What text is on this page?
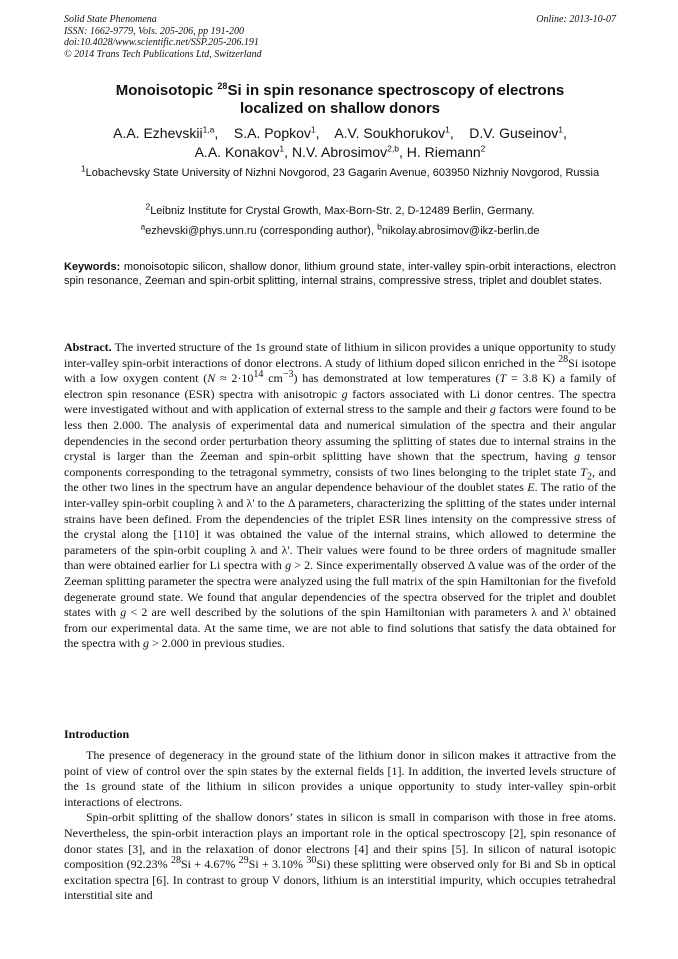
Solid State Phenomena
ISSN: 1662-9779, Vols. 205-206, pp 191-200
doi:10.4028/www.scientific.net/SSP.205-206.191
© 2014 Trans Tech Publications Ltd, Switzerland
Online: 2013-10-07
Monoisotopic $^{28}$Si in spin resonance spectroscopy of electrons
localized on shallow donors
A.A. Ezhevskii$^{1,a}$,    S.A. Popkov$^1$,    A.V. Soukhorukov$^1$,    D.V. Guseinov$^1$,
A.A. Konakov$^1$, N.V. Abrosimov$^{2,b}$, H. Riemann$^2$
$^1$Lobachevsky State University of Nizhni Novgorod, 23 Gagarin Avenue, 603950 Nizhniy Novgorod, Russia
$^2$Leibniz Institute for Crystal Growth, Max-Born-Str. 2, D-12489 Berlin, Germany.
$^a$ezhevski@phys.unn.ru (corresponding author), $^b$nikolay.abrosimov@ikz-berlin.de
Keywords: monoisotopic silicon, shallow donor, lithium ground state, inter-valley spin-orbit interactions, electron spin resonance, Zeeman and spin-orbit splitting, internal strains, compressive stress, triplet and doublet states.
Abstract. The inverted structure of the 1s ground state of lithium in silicon provides a unique opportunity to study inter-valley spin-orbit interactions of donor electrons. A study of lithium doped silicon enriched in the $^{28}$Si isotope with a low oxygen content ($N \approx 2\cdot 10^{14}$ $cm^{-3}$) has demonstrated at low temperatures (T = 3.8 K) a family of electron spin resonance (ESR) spectra with anisotropic g factors associated with Li donor centres. The spectra were investigated without and with application of external stress to the sample and their g factors were found to be less then 2.000. The analysis of experimental data and numerical simulation of the spectra and their angular dependencies in the second order perturbation theory assuming the splitting of states due to internal strains in the crystal is larger than the Zeeman and spin-orbit splitting have shown that the spectrum, having g tensor components corresponding to the tetragonal symmetry, consists of two lines belonging to the triplet state $T_2$, and the other two lines in the spectrum have an angular dependence behaviour of the doublet states E. The ratio of the inter-valley spin-orbit coupling λ and λ' to the Δ parameters, characterizing the splitting of the states under internal strains have been defined. From the dependencies of the triplet ESR lines intensity on the compressive stress of the crystal along the [110] it was obtained the value of the internal strains, which allowed to determine the parameters of the spin-orbit coupling λ and λ'. Their values were found to be three orders of magnitude smaller than were obtained earlier for Li spectra with g > 2. Since experimentally observed Δ value was of the order of the Zeeman splitting parameter the spectra were analyzed using the full matrix of the spin Hamiltonian for the fivefold degenerate ground state. We found that angular dependencies of the spectra observed for the triplet and doublet states with g < 2 are well described by the solutions of the spin Hamiltonian with parameters λ and λ' obtained from our experimental data. At the same time, we are not able to find solutions that satisfy the data obtained for the spectra with g > 2.000 in previous studies.
Introduction

The presence of degeneracy in the ground state of the lithium donor in silicon makes it attractive from the point of view of control over the spin states by the external fields [1]. In addition, the inverted levels structure of the 1s ground state of the lithium in silicon provides a unique opportunity to study inter-valley spin-orbit interactions of electrons.

Spin-orbit splitting of the shallow donors’ states in silicon is small in comparison with those in free atoms. Nevertheless, the spin-orbit interaction plays an important role in the optical spectroscopy [2], spin resonance of donor states [3], and in the relaxation of donor electrons [4] and their spins [5]. In silicon of natural isotopic composition (92.23% $^{28}$Si + 4.67% $^{29}$Si + 3.10% $^{30}$Si) these splitting were observed only for Bi and Sb in optical excitation spectra [6]. In contrast to group V donors, lithium is an interstitial impurity, which occupies tetrahedral interstitial site and
